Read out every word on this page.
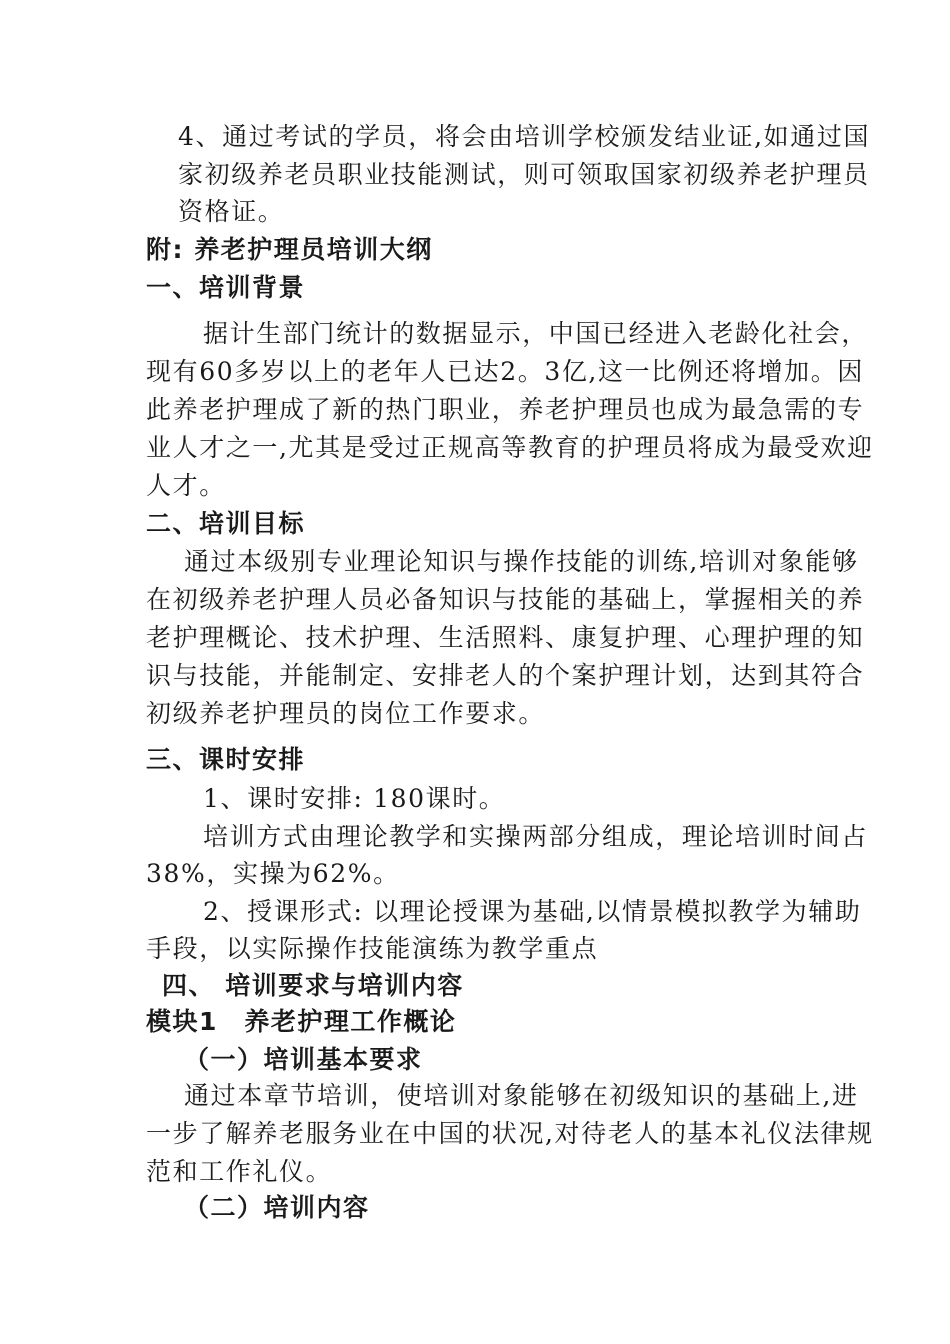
4、通过考试的学员，将会由培训学校颁发结业证,如通过国
家初级养老员职业技能测试，则可领取国家初级养老护理员
资格证。
附: 养老护理员培训大纲
一、培训背景
据计生部门统计的数据显示，中国已经进入老龄化社会，
现有60多岁以上的老年人已达2。3亿,这一比例还将增加。因
此养老护理成了新的热门职业，养老护理员也成为最急需的专
业人才之一,尤其是受过正规高等教育的护理员将成为最受欢迎
人才。
二、培训目标
通过本级别专业理论知识与操作技能的训练,培训对象能够
在初级养老护理人员必备知识与技能的基础上，掌握相关的养
老护理概论、技术护理、生活照料、康复护理、心理护理的知
识与技能，并能制定、安排老人的个案护理计划，达到其符合
初级养老护理员的岗位工作要求。
三、课时安排
1、课时安排: 180课时。
培训方式由理论教学和实操两部分组成，理论培训时间占
38%，实操为62%。
2、授课形式: 以理论授课为基础,以情景模拟教学为辅助
手段，以实际操作技能演练为教学重点
四、 培训要求与培训内容
模块1　养老护理工作概论
（一）培训基本要求
通过本章节培训，使培训对象能够在初级知识的基础上,进
一步了解养老服务业在中国的状况,对待老人的基本礼仪法律规
范和工作礼仪。
（二）培训内容
